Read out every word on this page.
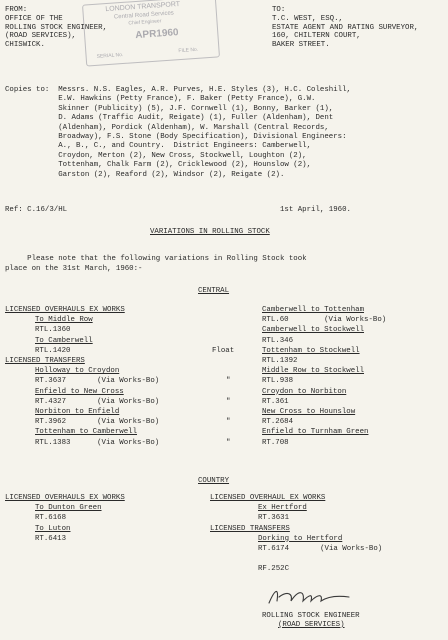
LONDON TRANSPORT
Central Road Services
Chief Engineer
APR1960
SERIAL No.
FILE No.
FROM:
OFFICE OF THE
ROLLING STOCK ENGINEER,
(ROAD SERVICES),
CHISWICK.
TO:
T.C. WEST, ESQ.,
ESTATE AGENT AND RATING SURVEYOR,
160, CHILTERN COURT,
BAKER STREET.
Copies to:  Messrs. N.S. Eagles, A.R. Purves, H.E. Styles (3), H.C. Coleshill,
E.W. Hawkins (Petty France), F. Baker (Petty France), G.W.
Skinner (Publicity) (5), J.F. Cornwell (1), Bonny, Barker (1),
D. Adams (Traffic Audit, Reigate) (1), Fuller (Aldenham), Dent
(Aldenham), Pordick (Aldenham), W. Marshall (Central Records,
Broadway), F.S. Stone (Body Specification), Divisional Engineers:
A., B., C., and Country.  District Engineers: Camberwell,
Croydon, Merton (2), New Cross, Stockwell, Loughton (2),
Tottenham, Chalk Farm (2), Cricklewood (2), Hounslow (2),
Garston (2), Reaford (2), Windsor (2), Reigate (2).
Ref: C.16/3/HL	1st April, 1960.
VARIATIONS IN ROLLING STOCK
Please note that the following variations in Rolling Stock took
place on the 31st March, 1960:-
CENTRAL
LICENSED OVERHAULS EX WORKS
To Middle Row
RTL.1360
To Camberwell
RTL.1420
LICENSED TRANSFERS
Holloway to Croydon
RT.3637       (Via Works-Bo)
Enfield to New Cross
RT.4327       (Via Works-Bo)
Norbiton to Enfield
RT.3962       (Via Works-Bo)
Tottenham to Camberwell
RTL.1383      (Via Works-Bo)
Float
"
"
"
"
Camberwell to Tottenham
RTL.60        (Via Works-Bo)
Camberwell to Stockwell
RTL.346
Tottenham to Stockwell
RTL.1392
Middle Row to Stockwell
RTL.938
Croydon to Norbiton
RT.361
New Cross to Hounslow
RT.2684
Enfield to Turnham Green
RT.708
COUNTRY
LICENSED OVERHAULS EX WORKS
To Dunton Green
RT.6168
To Luton
RT.6413
LICENSED OVERHAUL EX WORKS
Ex Hertford
RT.3631
LICENSED TRANSFERS
Dorking to Hertford
RT.6174       (Via Works-Bo)
RF.252C
ROLLING STOCK ENGINEER
(ROAD SERVICES)
